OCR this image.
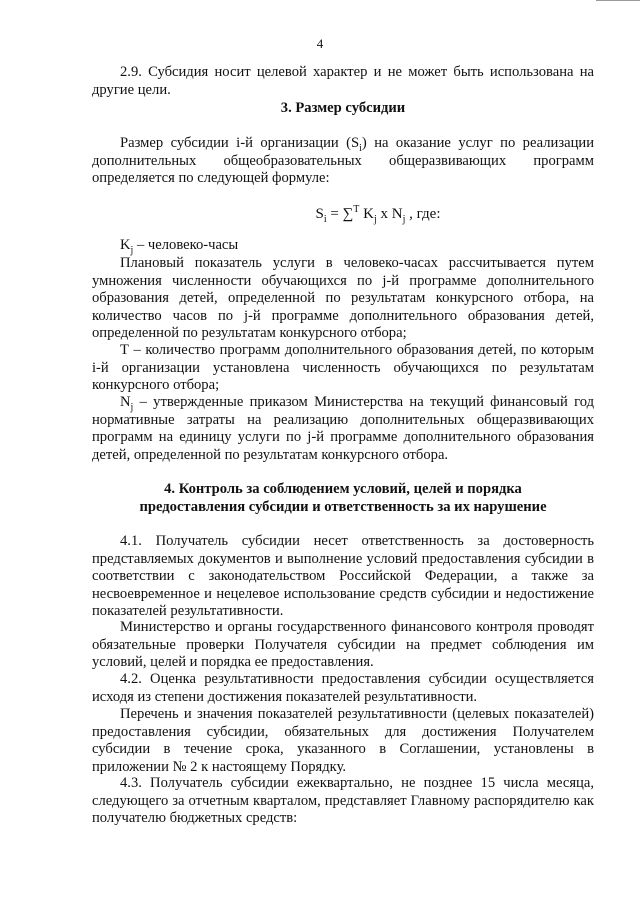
4
2.9. Субсидия носит целевой характер и не может быть использована на другие цели.
3. Размер субсидии
Размер субсидии i-й организации $(S_i)$ на оказание услуг по реализации дополнительных общеобразовательных общеразвивающих программ определяется по следующей формуле:
$S_i = \sum^T$ $K_j$ x $N_j$ , где:
$K_j$ – человеко-часы
Плановый показатель услуги в человеко-часах рассчитывается путем умножения численности обучающихся по j-й программе дополнительного образования детей, определенной по результатам конкурсного отбора, на количество часов по j-й программе дополнительного образования детей, определенной по результатам конкурсного отбора;
Т – количество программ дополнительного образования детей, по которым i-й организации установлена численность обучающихся по результатам конкурсного отбора;
$N_j$ – утвержденные приказом Министерства на текущий финансовый год нормативные затраты на реализацию дополнительных общеразвивающих программ на единицу услуги по j-й программе дополнительного образования детей, определенной по результатам конкурсного отбора.
4. Контроль за соблюдением условий, целей и порядка
предоставления субсидии и ответственность за их нарушение
4.1. Получатель субсидии несет ответственность за достоверность представляемых документов и выполнение условий предоставления субсидии в соответствии с законодательством Российской Федерации, а также за несвоевременное и нецелевое использование средств субсидии и недостижение показателей результативности.
Министерство и органы государственного финансового контроля проводят обязательные проверки Получателя субсидии на предмет соблюдения им условий, целей и порядка ее предоставления.
4.2. Оценка результативности предоставления субсидии осуществляется исходя из степени достижения показателей результативности.
Перечень и значения показателей результативности (целевых показателей) предоставления субсидии, обязательных для достижения Получателем субсидии в течение срока, указанного в Соглашении, установлены в приложении № 2 к настоящему Порядку.
4.3. Получатель субсидии ежеквартально, не позднее 15 числа месяца, следующего за отчетным кварталом, представляет Главному распорядителю как получателю бюджетных средств:
